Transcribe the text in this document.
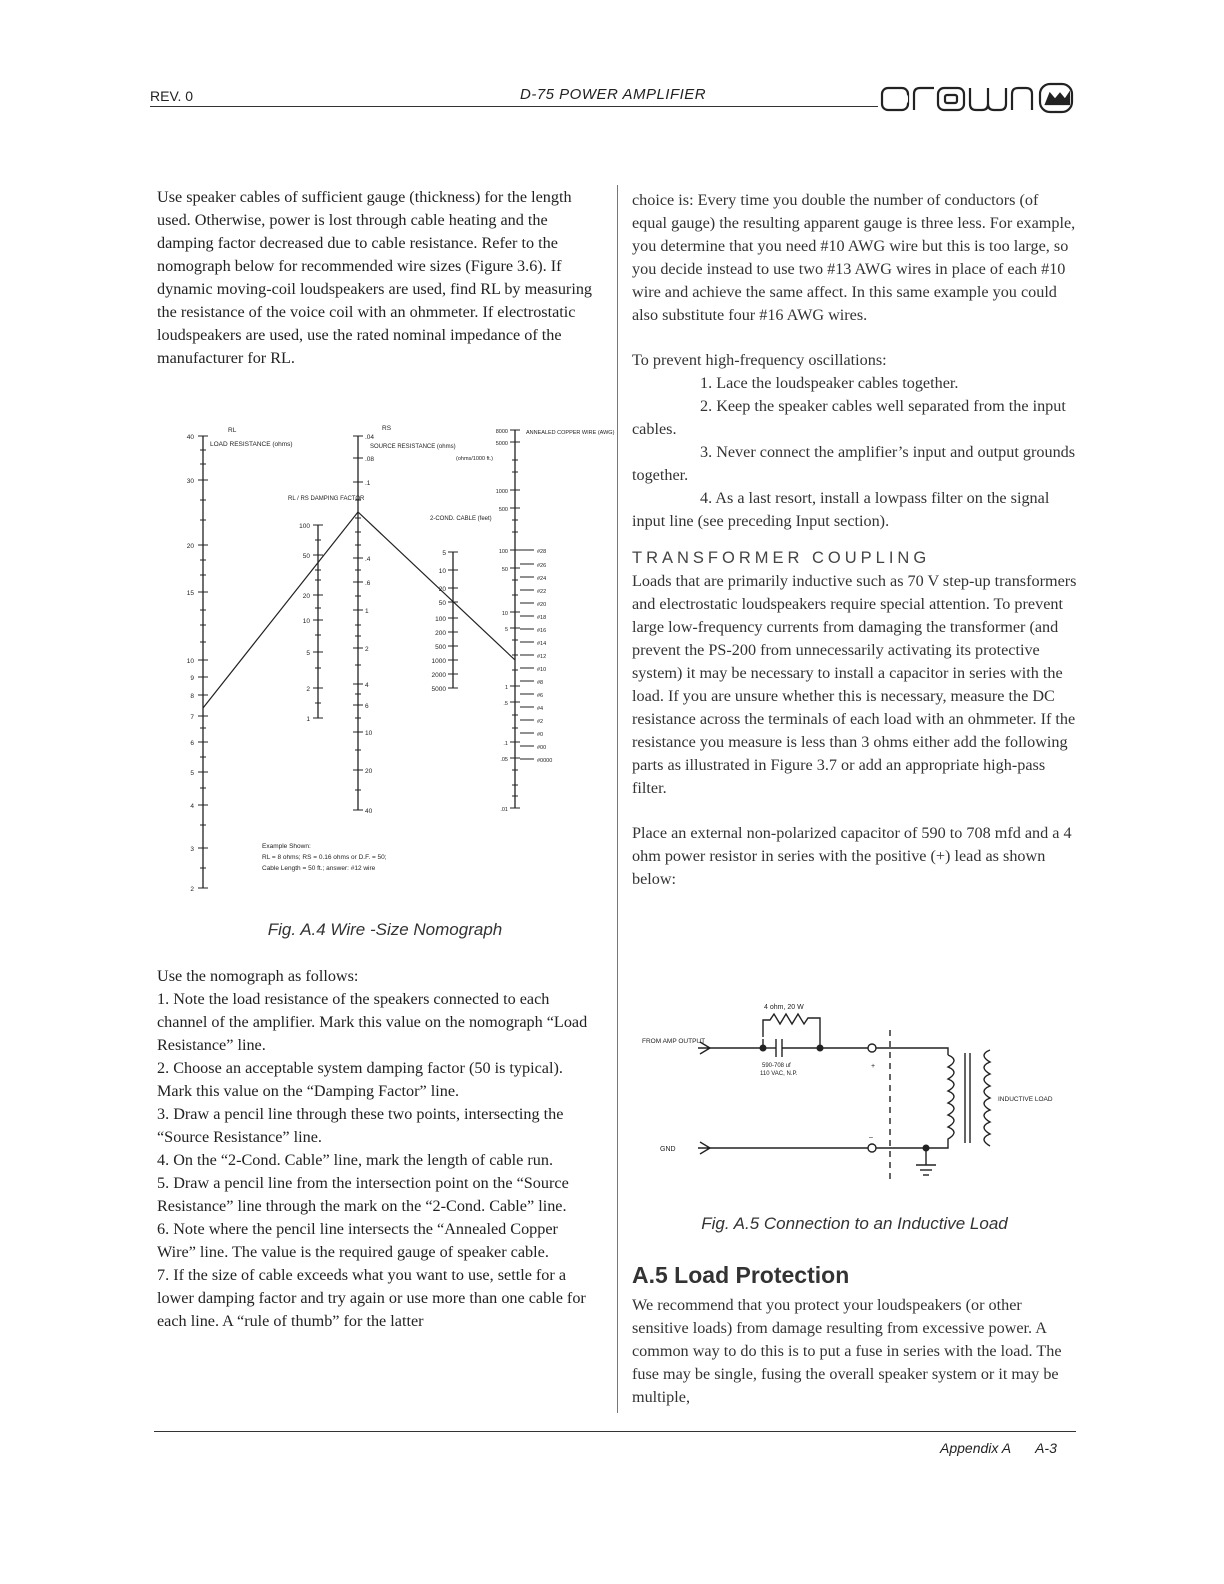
REV. 0	D-75 POWER AMPLIFIER

Use speaker cables of sufficient gauge (thickness) for the length used. Otherwise, power is lost through cable heating and the damping factor decreased due to cable resistance. Refer to the nomograph below for recommended wire sizes (Figure 3.6). If dynamic moving-coil loudspeakers are used, find RL by measuring the resistance of the voice coil with an ohmmeter. If electrostatic loudspeakers are used, use the rated nominal impedance of the manufacturer for RL.

RL
LOAD RESISTANCE (ohms)
40
30
20
15
10
9
8
7
6
5
4
3
2
RL / RS DAMPING FACTOR
100
50
20
10
5
2
1
RS
SOURCE RESISTANCE (ohms)
.04
.08
.1
.4
.6
1
2
4
6
10
20
40
2-COND. CABLE (feet)
5
10
20
50
100
200
500
1000
2000
5000
(ohms/1000 ft.)
8000
5000
1000
500
100
50
10
5
1
.5
.1
.05
.01
ANNEALED COPPER WIRE (AWG)
#28
#26
#24
#22
#20
#18
#16
#14
#12
#10
#8
#6
#4
#2
#0
#00
#0000
Example Shown:
RL = 8 ohms; RS = 0.16 ohms or D.F. = 50;
Cable Length = 50 ft.; answer: #12 wire
Fig. A.4 Wire -Size Nomograph

Use the nomograph as follows:

1. Note the load resistance of the speakers connected to each channel of the amplifier. Mark this value on the nomograph “Load Resistance” line.

2. Choose an acceptable system damping factor (50 is typical). Mark this value on the “Damping Factor” line.

3. Draw a pencil line through these two points, intersecting the “Source Resistance” line.

4. On the “2-Cond. Cable” line, mark the length of cable run.

5. Draw a pencil line from the intersection point on the “Source Resistance” line through the mark on the “2-Cond. Cable” line.

6. Note where the pencil line intersects the “Annealed Copper Wire” line. The value is the required gauge of speaker cable.

7. If the size of cable exceeds what you want to use, settle for a lower damping factor and try again or use more than one cable for each line. A “rule of thumb” for the latter

choice is: Every time you double the number of conductors (of equal gauge) the resulting apparent gauge is three less. For example, you determine that you need #10 AWG wire but this is too large, so you decide instead to use two #13 AWG wires in place of each #10 wire and achieve the same affect. In this same example you could also substitute four #16 AWG wires.

To prevent high-frequency oscillations:

1. Lace the loudspeaker cables together.

2. Keep the speaker cables well separated from the input cables.

3. Never connect the amplifier’s input and output grounds together.

4. As a last resort, install a lowpass filter on the signal input line (see preceding Input section).

TRANSFORMER COUPLING

Loads that are primarily inductive such as 70 V step-up transformers and electrostatic loudspeakers require special attention. To prevent large low-frequency currents from damaging the transformer (and prevent the PS-200 from unnecessarily activating its protective system) it may be necessary to install a capacitor in series with the load. If you are unsure whether this is necessary, measure the DC resistance across the terminals of each load with an ohmmeter. If the resistance you measure is less than 3 ohms either add the following parts as illustrated in Figure 3.7 or add an appropriate high-pass filter.

Place an external non-polarized capacitor of 590 to 708 mfd and a 4 ohm power resistor in series with the positive (+) lead as shown below:

4 ohm, 20 W
FROM AMP OUTPUT
590-708 uf
110 VAC, N.P.
+
–
GND
INDUCTIVE LOAD
Fig. A.5 Connection to an Inductive Load
A.5 Load Protection

We recommend that you protect your loudspeakers (or other sensitive loads) from damage resulting from excessive power. A common way to do this is to put a fuse in series with the load. The fuse may be single, fusing the overall speaker system or it may be multiple,

Appendix A A-3
